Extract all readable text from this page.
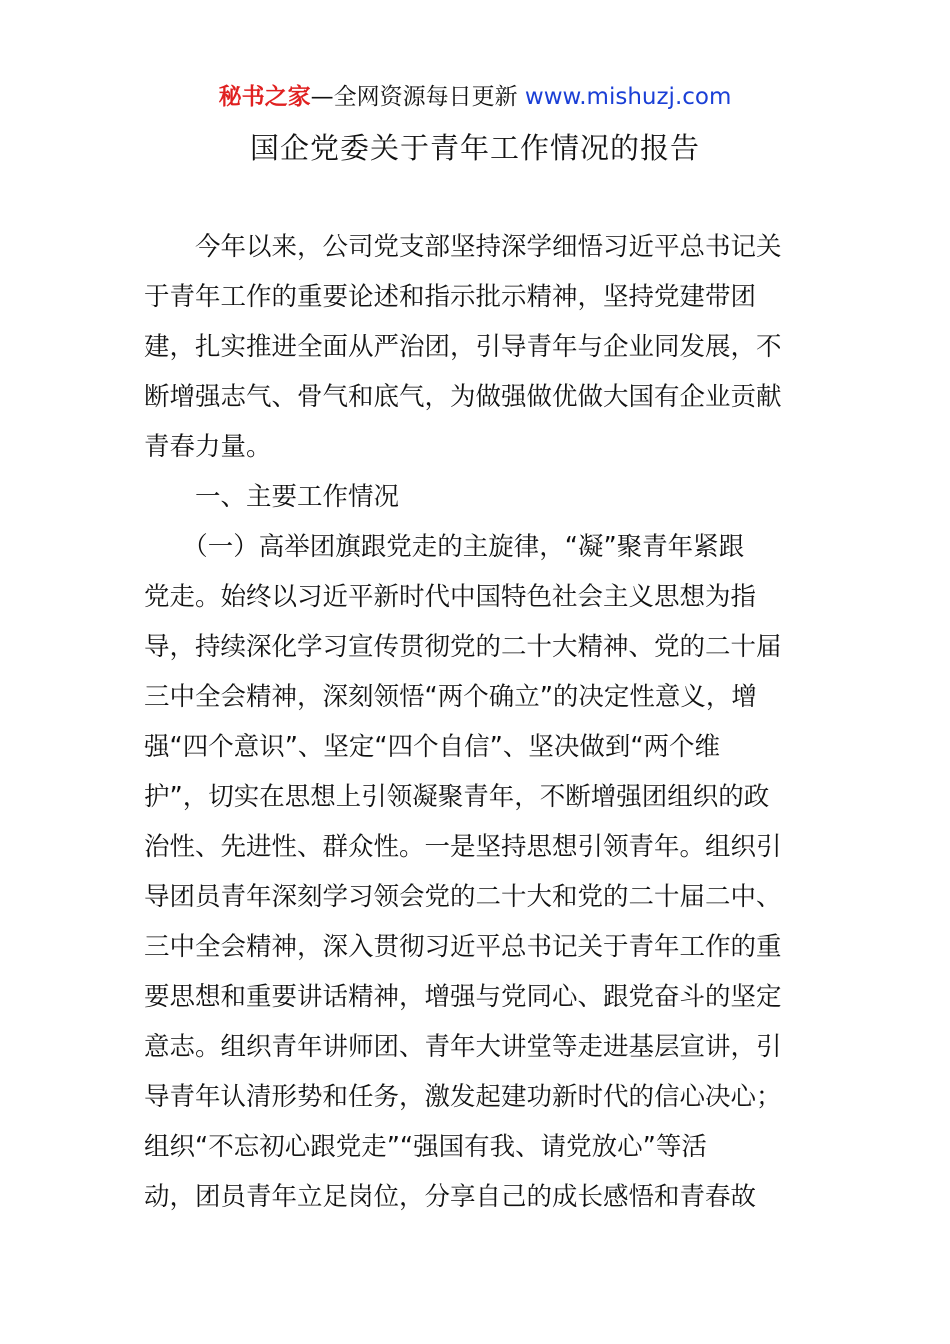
秘书之家—全网资源每日更新 www.mishuzj.com
国企党委关于青年工作情况的报告
　　今年以来，公司党支部坚持深学细悟习近平总书记关
于青年工作的重要论述和指示批示精神，坚持党建带团
建，扎实推进全面从严治团，引导青年与企业同发展，不
断增强志气、骨气和底气，为做强做优做大国有企业贡献
青春力量。
　　一、主要工作情况
　　（一）高举团旗跟党走的主旋律，“凝”聚青年紧跟
党走。始终以习近平新时代中国特色社会主义思想为指
导，持续深化学习宣传贯彻党的二十大精神、党的二十届
三中全会精神，深刻领悟“两个确立”的决定性意义，增
强“四个意识”、坚定“四个自信”、坚决做到“两个维
护”，切实在思想上引领凝聚青年，不断增强团组织的政
治性、先进性、群众性。一是坚持思想引领青年。组织引
导团员青年深刻学习领会党的二十大和党的二十届二中、
三中全会精神，深入贯彻习近平总书记关于青年工作的重
要思想和重要讲话精神，增强与党同心、跟党奋斗的坚定
意志。组织青年讲师团、青年大讲堂等走进基层宣讲，引
导青年认清形势和任务，激发起建功新时代的信心决心；
组织“不忘初心跟党走”“强国有我、请党放心”等活
动，团员青年立足岗位，分享自己的成长感悟和青春故
